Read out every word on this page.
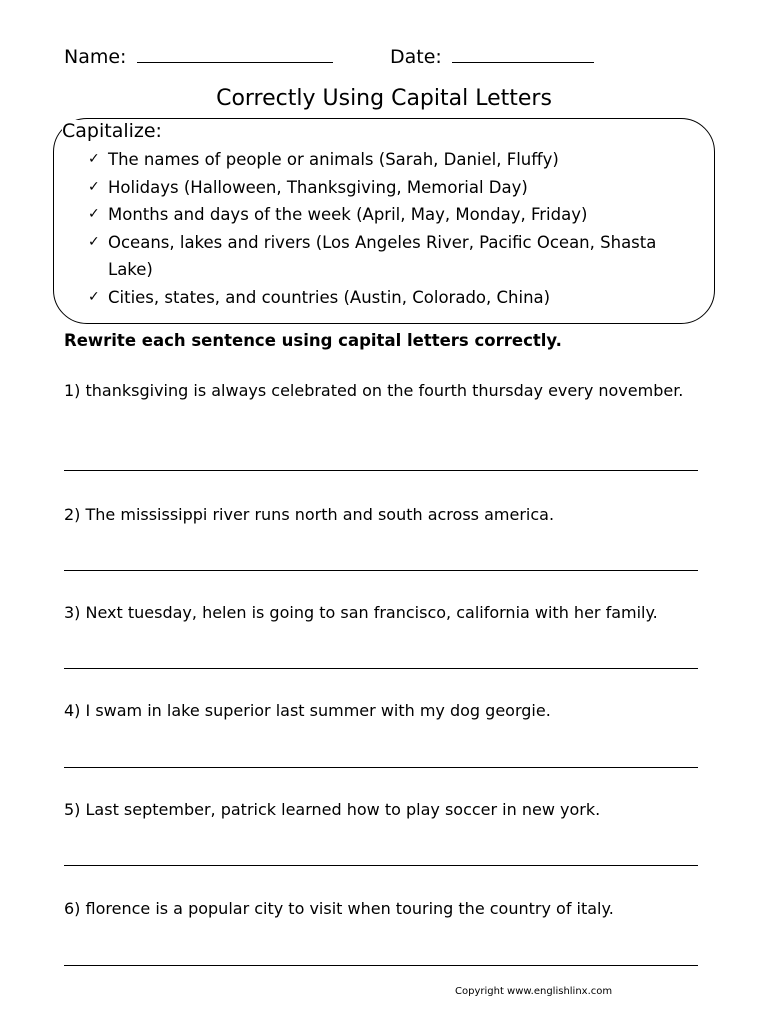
Name:	Date:
Correctly Using Capital Letters
Capitalize:
✓ The names of people or animals (Sarah, Daniel, Fluffy)
✓ Holidays (Halloween, Thanksgiving, Memorial Day)
✓ Months and days of the week (April, May, Monday, Friday)
✓ Oceans, lakes and rivers (Los Angeles River, Pacific Ocean, Shasta Lake)
✓ Cities, states, and countries (Austin, Colorado, China)
Rewrite each sentence using capital letters correctly.
1) thanksgiving is always celebrated on the fourth thursday every november.
2) The mississippi river runs north and south across america.
3) Next tuesday, helen is going to san francisco, california with her family.
4) I swam in lake superior last summer with my dog georgie.
5) Last september, patrick learned how to play soccer in new york.
6) florence is a popular city to visit when touring the country of italy.
Copyright www.englishlinx.com
